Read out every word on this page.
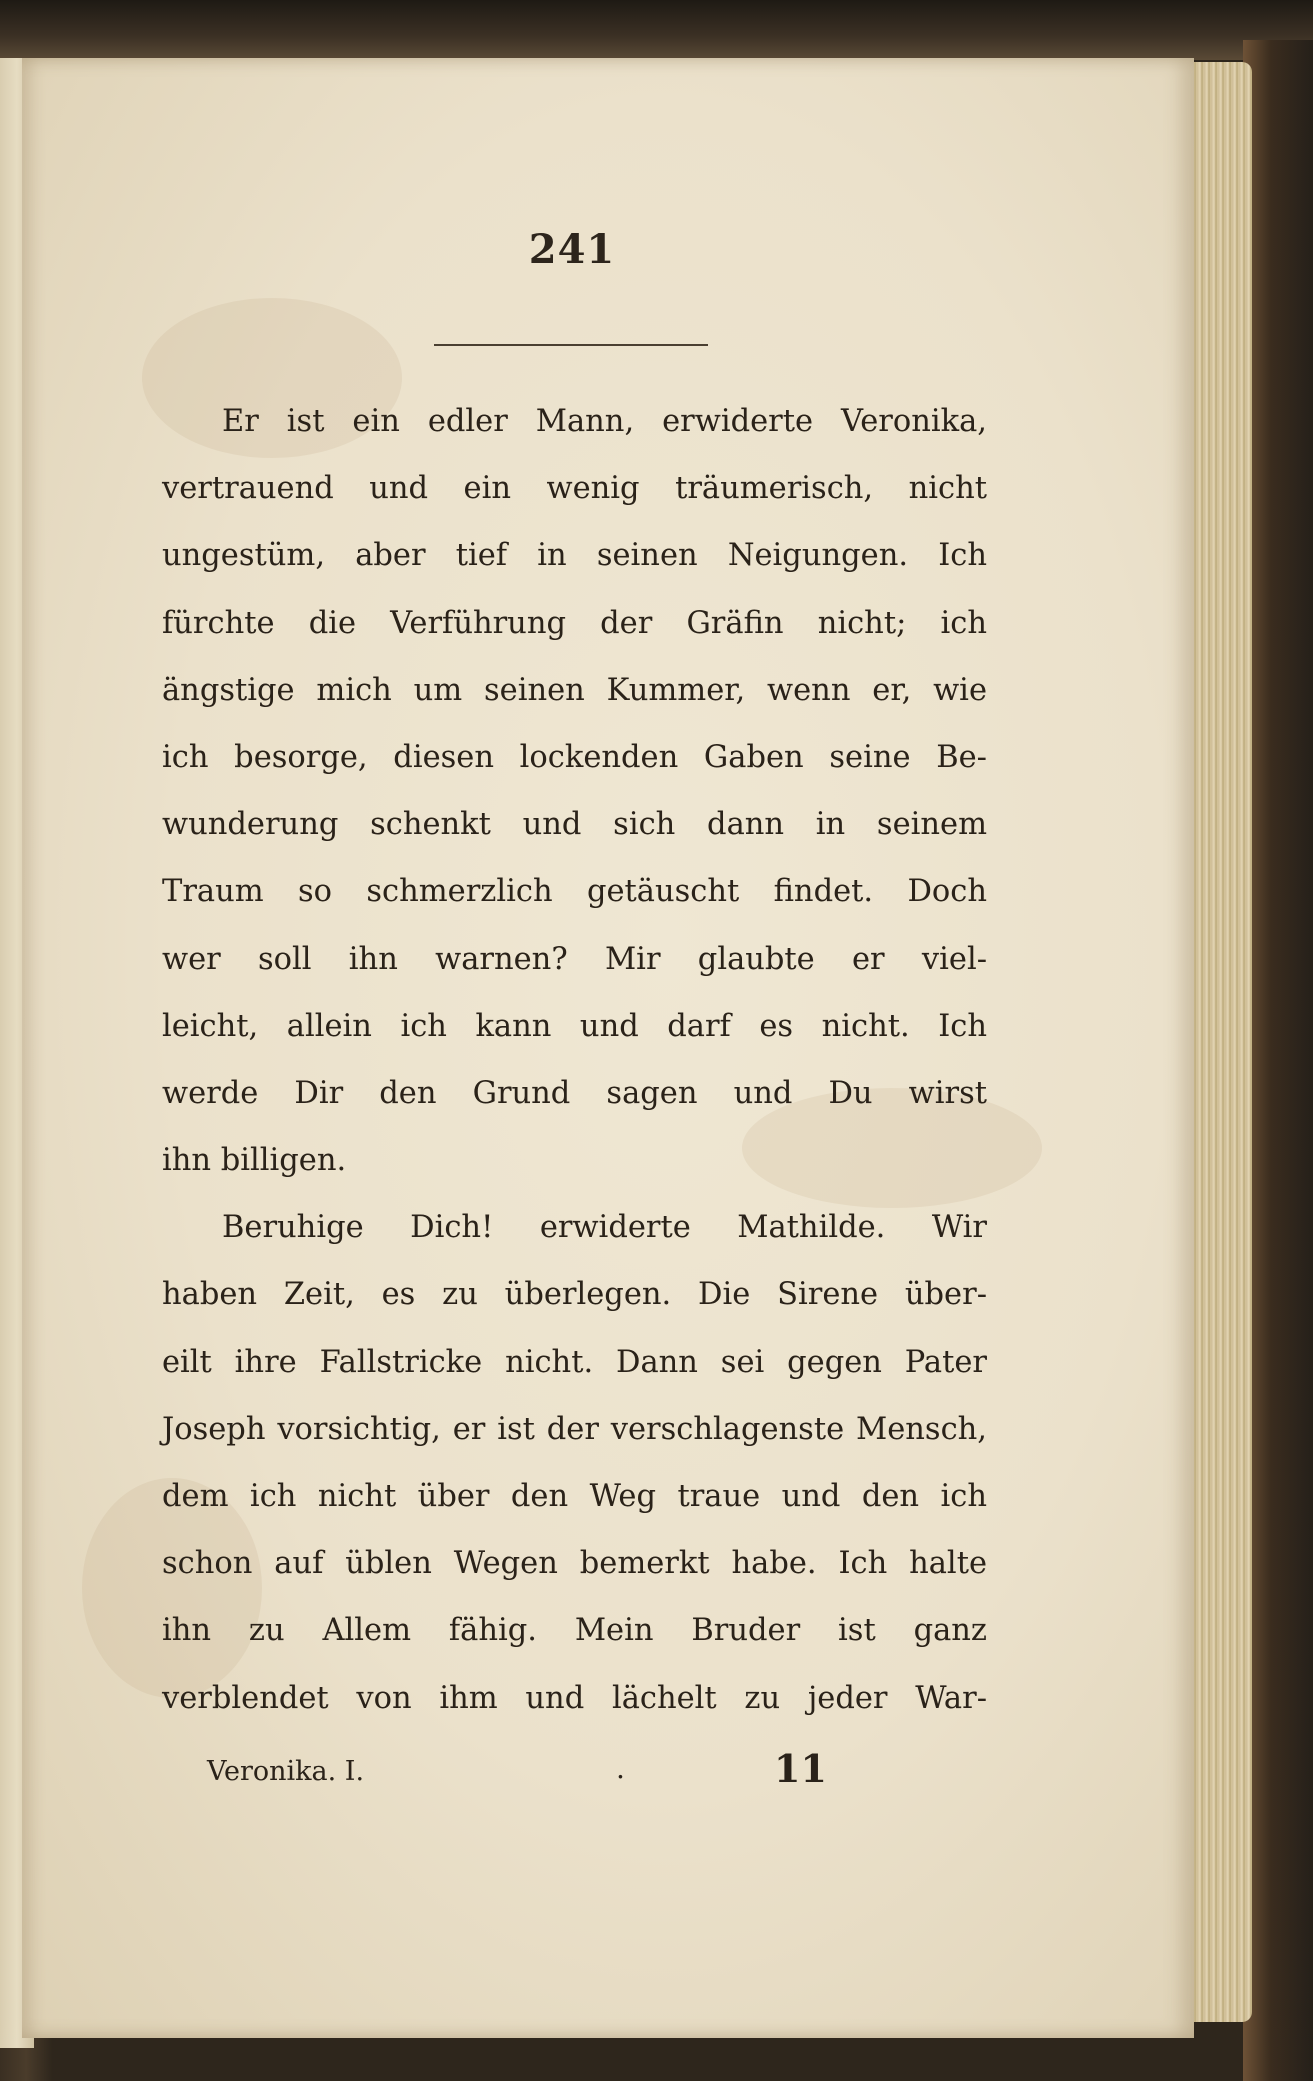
241
Er ist ein edler Mann, erwiderte Veronika,
vertrauend und ein wenig träumerisch, nicht
ungestüm, aber tief in seinen Neigungen. Ich
fürchte die Verführung der Gräfin nicht; ich
ängstige mich um seinen Kummer, wenn er, wie
ich besorge, diesen lockenden Gaben seine Be-
wunderung schenkt und sich dann in seinem
Traum so schmerzlich getäuscht findet. Doch
wer soll ihn warnen? Mir glaubte er viel-
leicht, allein ich kann und darf es nicht. Ich
werde Dir den Grund sagen und Du wirst
ihn billigen.
Beruhige Dich! erwiderte Mathilde. Wir
haben Zeit, es zu überlegen. Die Sirene über-
eilt ihre Fallstricke nicht. Dann sei gegen Pater
Joseph vorsichtig, er ist der verschlagenste Mensch,
dem ich nicht über den Weg traue und den ich
schon auf üblen Wegen bemerkt habe. Ich halte
ihn zu Allem fähig. Mein Bruder ist ganz
verblendet von ihm und lächelt zu jeder War-
Veronika. I.	.	11
